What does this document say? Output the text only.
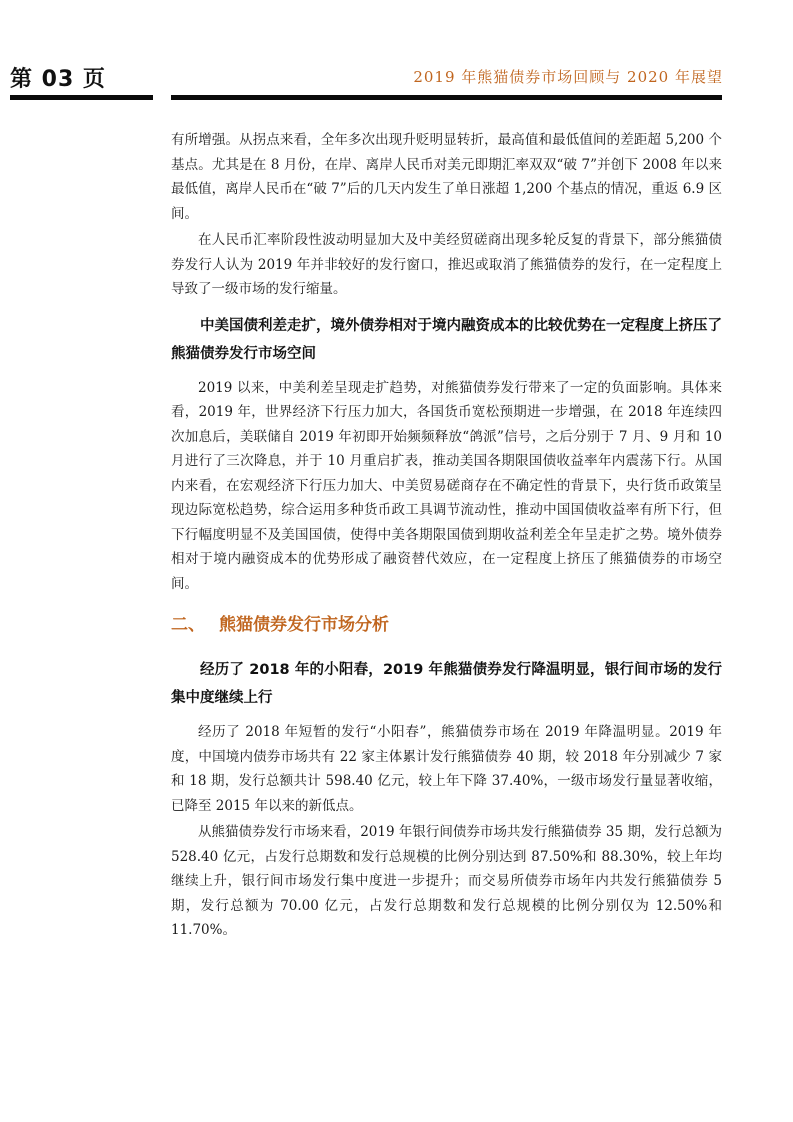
第 03 页	2019 年熊猫债券市场回顾与 2020 年展望

有所增强。从拐点来看，全年多次出现升贬明显转折，最高值和最低值间的差距超 5,200 个基点。尤其是在 8 月份，在岸、离岸人民币对美元即期汇率双双“破 7”并创下 2008 年以来最低值，离岸人民币在“破 7”后的几天内发生了单日涨超 1,200 个基点的情况，重返 6.9 区间。

在人民币汇率阶段性波动明显加大及中美经贸磋商出现多轮反复的背景下，部分熊猫债券发行人认为 2019 年并非较好的发行窗口，推迟或取消了熊猫债券的发行，在一定程度上导致了一级市场的发行缩量。

中美国债利差走扩，境外债券相对于境内融资成本的比较优势在一定程度上挤压了熊猫债券发行市场空间

2019 以来，中美利差呈现走扩趋势，对熊猫债券发行带来了一定的负面影响。具体来看，2019 年，世界经济下行压力加大，各国货币宽松预期进一步增强，在 2018 年连续四次加息后，美联储自 2019 年初即开始频频释放“鸽派”信号，之后分别于 7 月、9 月和 10 月进行了三次降息，并于 10 月重启扩表，推动美国各期限国债收益率年内震荡下行。从国内来看，在宏观经济下行压力加大、中美贸易磋商存在不确定性的背景下，央行货币政策呈现边际宽松趋势，综合运用多种货币政工具调节流动性，推动中国国债收益率有所下行，但下行幅度明显不及美国国债，使得中美各期限国债到期收益利差全年呈走扩之势。境外债券相对于境内融资成本的优势形成了融资替代效应，在一定程度上挤压了熊猫债券的市场空间。

二、 熊猫债券发行市场分析

经历了 2018 年的小阳春，2019 年熊猫债券发行降温明显，银行间市场的发行集中度继续上行

经历了 2018 年短暂的发行“小阳春”，熊猫债券市场在 2019 年降温明显。2019 年度，中国境内债券市场共有 22 家主体累计发行熊猫债券 40 期，较 2018 年分别减少 7 家和 18 期，发行总额共计 598.40 亿元，较上年下降 37.40%，一级市场发行量显著收缩，已降至 2015 年以来的新低点。

从熊猫债券发行市场来看，2019 年银行间债券市场共发行熊猫债券 35 期，发行总额为 528.40 亿元，占发行总期数和发行总规模的比例分别达到 87.50%和 88.30%，较上年均继续上升，银行间市场发行集中度进一步提升；而交易所债券市场年内共发行熊猫债券 5 期，发行总额为 70.00 亿元，占发行总期数和发行总规模的比例分别仅为 12.50%和 11.70%。
